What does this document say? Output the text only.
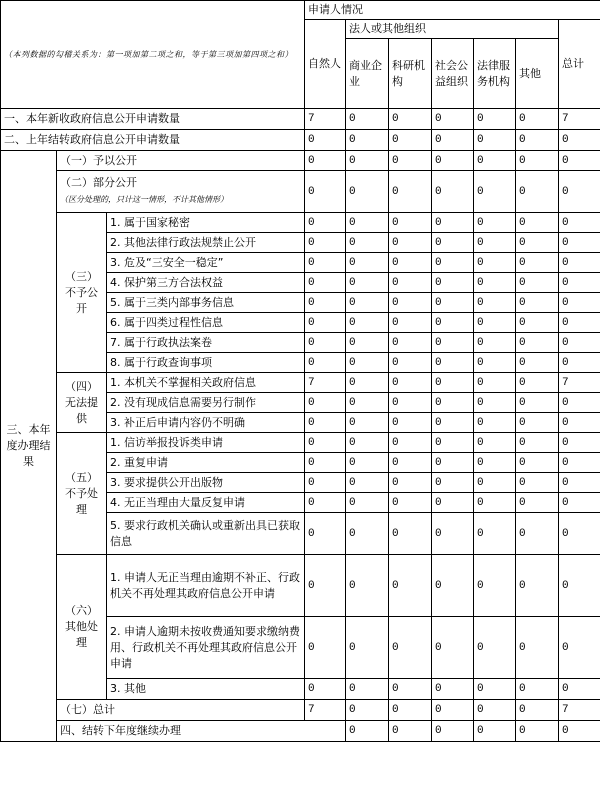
（本列数据的勾稽关系为：第一项加第二项之和，等于第三项加第四项之和）			申请人情况							
			自然人	法人或其他组织					总计	
				商业企业	科研机构	社会公益组织	法律服务机构	其他		
一、本年新收政府信息公开申请数量			7	0	0	0	0	0	7	
二、上年结转政府信息公开申请数量			0	0	0	0	0	0	0	
三、本年度办理结果	（一）予以公开		0	0	0	0	0	0	0	
	（二）部分公开（区分处理的，只计这一情形，不计其他情形）		0	0	0	0	0	0	0	
	（三）不予公开	1. 属于国家秘密	0	0	0	0	0	0	0	
		2. 其他法律行政法规禁止公开	0	0	0	0	0	0	0	
		3. 危及“三安全一稳定”	0	0	0	0	0	0	0	
		4. 保护第三方合法权益	0	0	0	0	0	0	0	
		5. 属于三类内部事务信息	0	0	0	0	0	0	0	
		6. 属于四类过程性信息	0	0	0	0	0	0	0	
		7. 属于行政执法案卷	0	0	0	0	0	0	0	
		8. 属于行政查询事项	0	0	0	0	0	0	0	
	（四）无法提供	1. 本机关不掌握相关政府信息	7	0	0	0	0	0	7	
		2. 没有现成信息需要另行制作	0	0	0	0	0	0	0	
		3. 补正后申请内容仍不明确	0	0	0	0	0	0	0	
	（五）不予处理	1. 信访举报投诉类申请	0	0	0	0	0	0	0	
		2. 重复申请	0	0	0	0	0	0	0	
		3. 要求提供公开出版物	0	0	0	0	0	0	0	
		4. 无正当理由大量反复申请	0	0	0	0	0	0	0	
		5. 要求行政机关确认或重新出具已获取信息	0	0	0	0	0	0	0	
	（六）其他处理	1. 申请人无正当理由逾期不补正、行政机关不再处理其政府信息公开申请	0	0	0	0	0	0	0	
		2. 申请人逾期未按收费通知要求缴纳费用、行政机关不再处理其政府信息公开申请	0	0	0	0	0	0	0	
		3. 其他	0	0	0	0	0	0	0	
	（七）总计		7	0	0	0	0	0	7	
	四、结转下年度继续办理			0	0	0	0	0	0	
